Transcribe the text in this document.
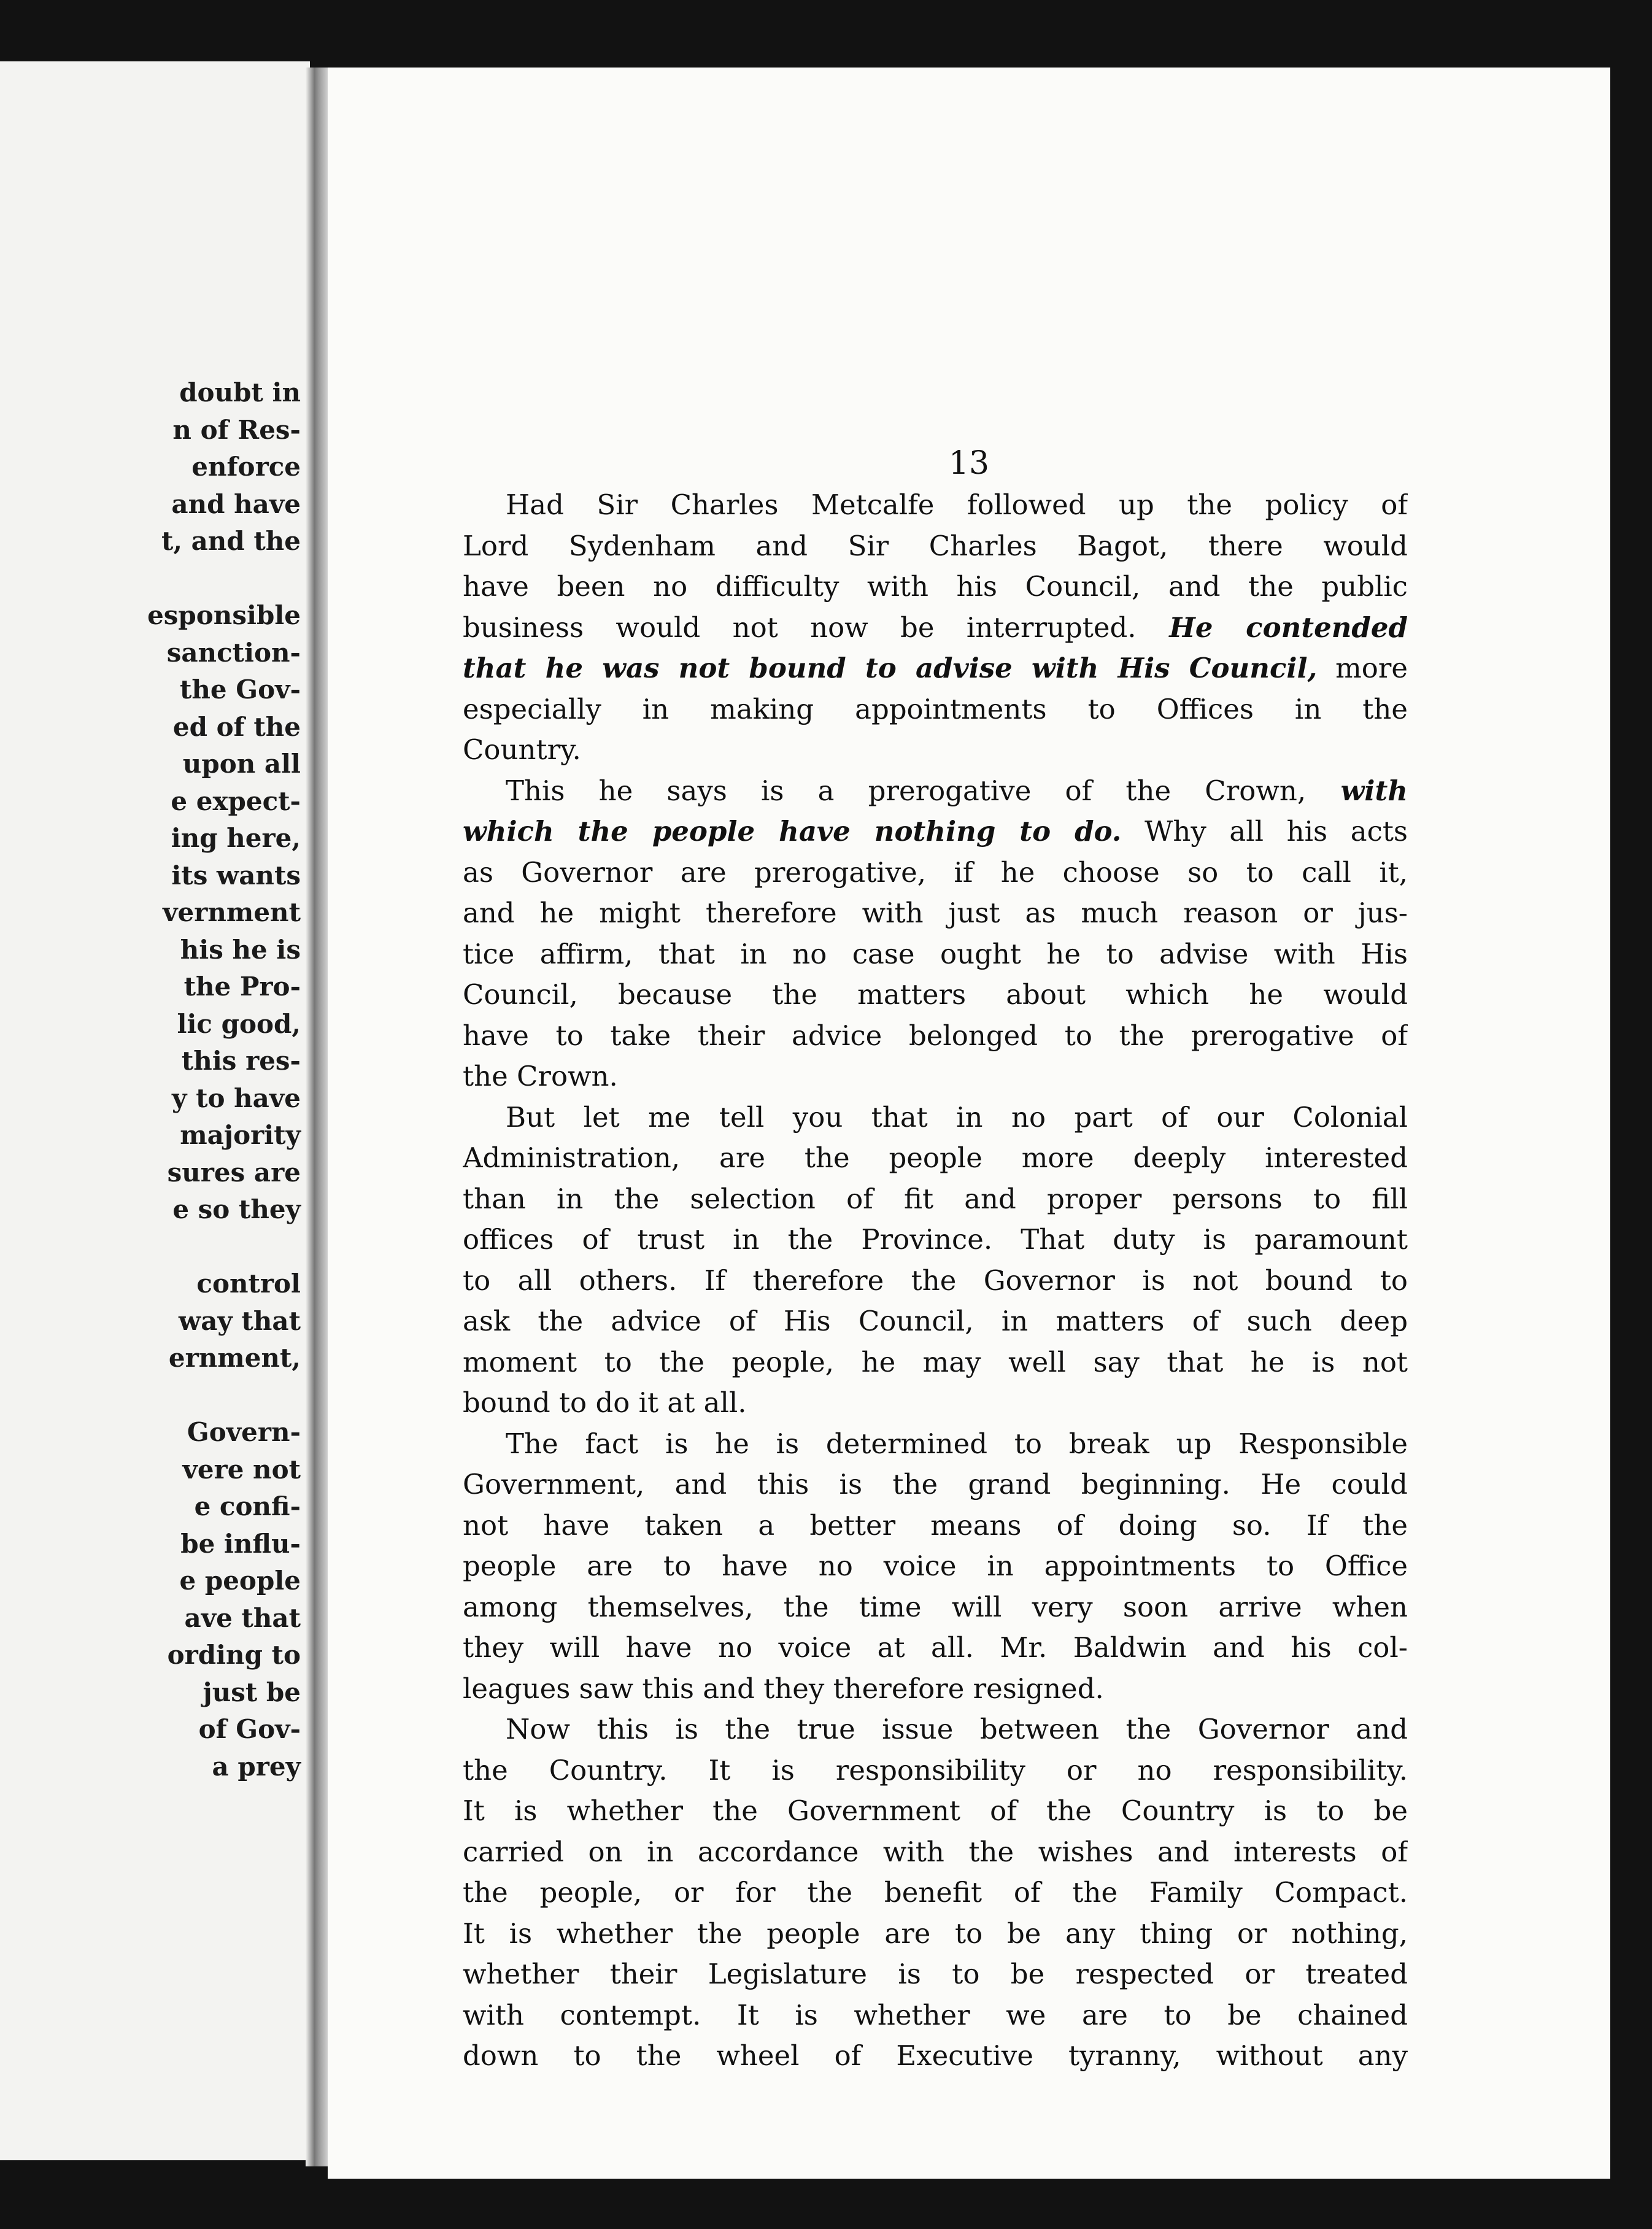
doubt in
n of Res-
enforce
and have
t, and the
esponsible
sanction-
the Gov-
ed of the
upon all
e expect-
ing here,
its wants
vernment
his he is
the Pro-
lic good,
this res-
y to have
majority
sures are
e so they
control
way that
ernment,
Govern-
vere not
e confi-
be influ-
e people
ave that
ording to
just be
of Gov-
a prey
13
Had Sir Charles Metcalfe followed up the policy of
Lord Sydenham and Sir Charles Bagot, there would
have been no difficulty with his Council, and the public
business would not now be interrupted. He contended
that he was not bound to advise with His Council, more
especially in making appointments to Offices in the
Country.
This he says is a prerogative of the Crown, with
which the people have nothing to do. Why all his acts
as Governor are prerogative, if he choose so to call it,
and he might therefore with just as much reason or jus-
tice affirm, that in no case ought he to advise with His
Council, because the matters about which he would
have to take their advice belonged to the prerogative of
the Crown.
But let me tell you that in no part of our Colonial
Administration, are the people more deeply interested
than in the selection of fit and proper persons to fill
offices of trust in the Province. That duty is paramount
to all others. If therefore the Governor is not bound to
ask the advice of His Council, in matters of such deep
moment to the people, he may well say that he is not
bound to do it at all.
The fact is he is determined to break up Responsible
Government, and this is the grand beginning. He could
not have taken a better means of doing so. If the
people are to have no voice in appointments to Office
among themselves, the time will very soon arrive when
they will have no voice at all. Mr. Baldwin and his col-
leagues saw this and they therefore resigned.
Now this is the true issue between the Governor and
the Country. It is responsibility or no responsibility.
It is whether the Government of the Country is to be
carried on in accordance with the wishes and interests of
the people, or for the benefit of the Family Compact.
It is whether the people are to be any thing or nothing,
whether their Legislature is to be respected or treated
with contempt. It is whether we are to be chained
down to the wheel of Executive tyranny, without any
